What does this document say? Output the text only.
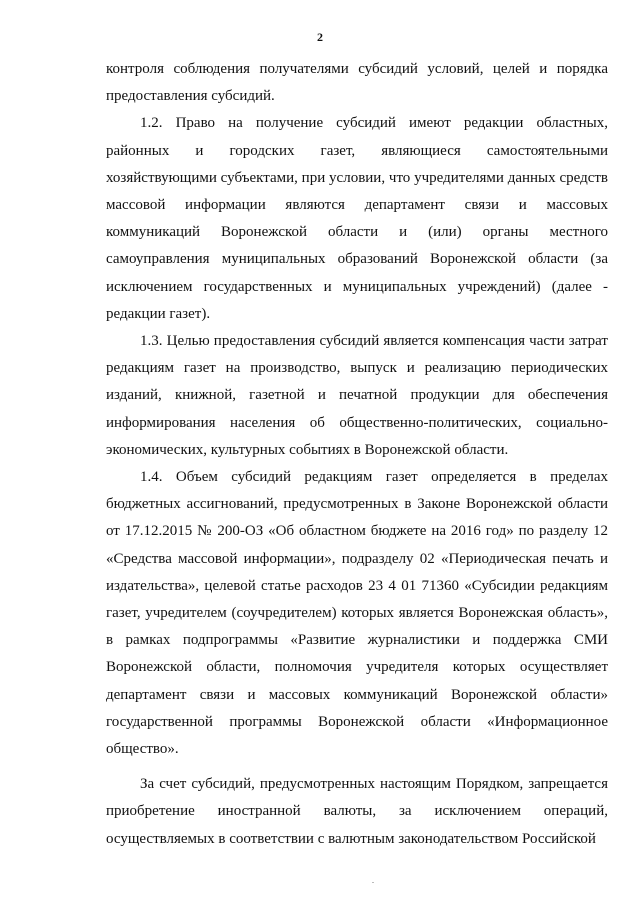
2

контроля соблюдения получателями субсидий условий, целей и порядка предоставления субсидий.

1.2. Право на получение субсидий имеют редакции областных, районных и городских газет, являющиеся самостоятельными хозяйствующими субъектами, при условии, что учредителями данных средств массовой информации являются департамент связи и массовых коммуникаций Воронежской области и (или) органы местного самоуправления муниципальных образований Воронежской области (за исключением государственных и муниципальных учреждений) (далее - редакции газет).

1.3. Целью предоставления субсидий является компенсация части затрат редакциям газет на производство, выпуск и реализацию периодических изданий, книжной, газетной и печатной продукции для обеспечения информирования населения об общественно-политических, социально-экономических, культурных событиях в Воронежской области.

1.4. Объем субсидий редакциям газет определяется в пределах бюджетных ассигнований, предусмотренных в Законе Воронежской области от 17.12.2015 № 200-ОЗ «Об областном бюджете на 2016 год» по разделу 12 «Средства массовой информации», подразделу 02 «Периодическая печать и издательства», целевой статье расходов 23 4 01 71360 «Субсидии редакциям газет, учредителем (соучредителем) которых является Воронежская область», в рамках подпрограммы «Развитие журналистики и поддержка СМИ Воронежской области, полномочия учредителя которых осуществляет департамент связи и массовых коммуникаций Воронежской области» государственной программы Воронежской области «Информационное общество».

За счет субсидий, предусмотренных настоящим Порядком, запрещается приобретение иностранной валюты, за исключением операций, осуществляемых в соответствии с валютным законодательством Российской
